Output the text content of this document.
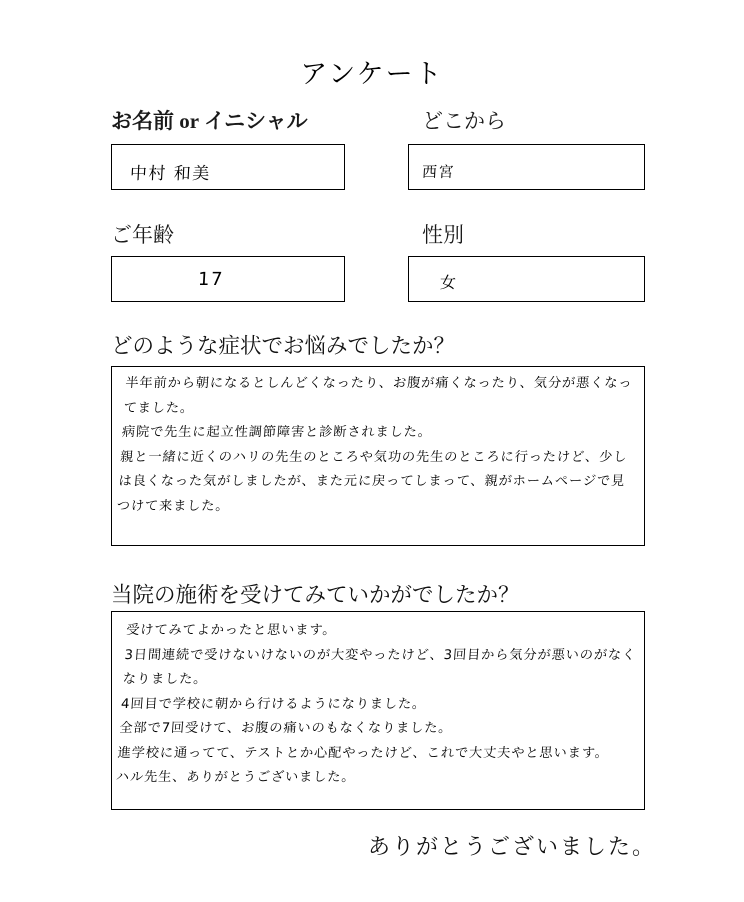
アンケート
お名前 or イニシャル
中村 和美
どこから
西宮
ご年齢
17
性別
女
どのような症状でお悩みでしたか？
半年前から朝になるとしんどくなったり、お腹が痛くなったり、気分が悪くなってました。
病院で先生に起立性調節障害と診断されました。
親と一緒に近くのハリの先生のところや気功の先生のところに行ったけど、少しは良くなった気がしましたが、また元に戻ってしまって、親がホームページで見つけて来ました。
当院の施術を受けてみていかがでしたか？
受けてみてよかったと思います。
3日間連続で受けないけないのが大変やったけど、3回目から気分が悪いのがなくなりました。
4回目で学校に朝から行けるようになりました。
全部で7回受けて、お腹の痛いのもなくなりました。
進学校に通ってて、テストとか心配やったけど、これで大丈夫やと思います。
ハル先生、ありがとうございました。
ありがとうございました。
